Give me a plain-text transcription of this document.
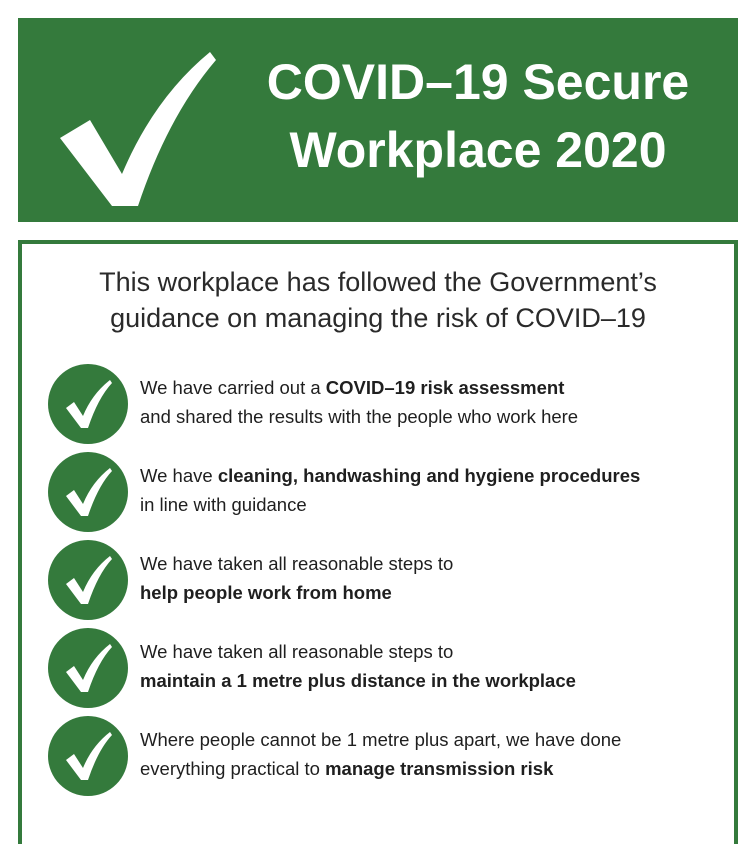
COVID–19 Secure
Workplace 2020
This workplace has followed the Government’s
guidance on managing the risk of COVID–19
We have carried out a COVID–19 risk assessment
and shared the results with the people who work here
We have cleaning, handwashing and hygiene procedures
in line with guidance
We have taken all reasonable steps to
help people work from home
We have taken all reasonable steps to
maintain a 1 metre plus distance in the workplace
Where people cannot be 1 metre plus apart, we have done
everything practical to manage transmission risk
